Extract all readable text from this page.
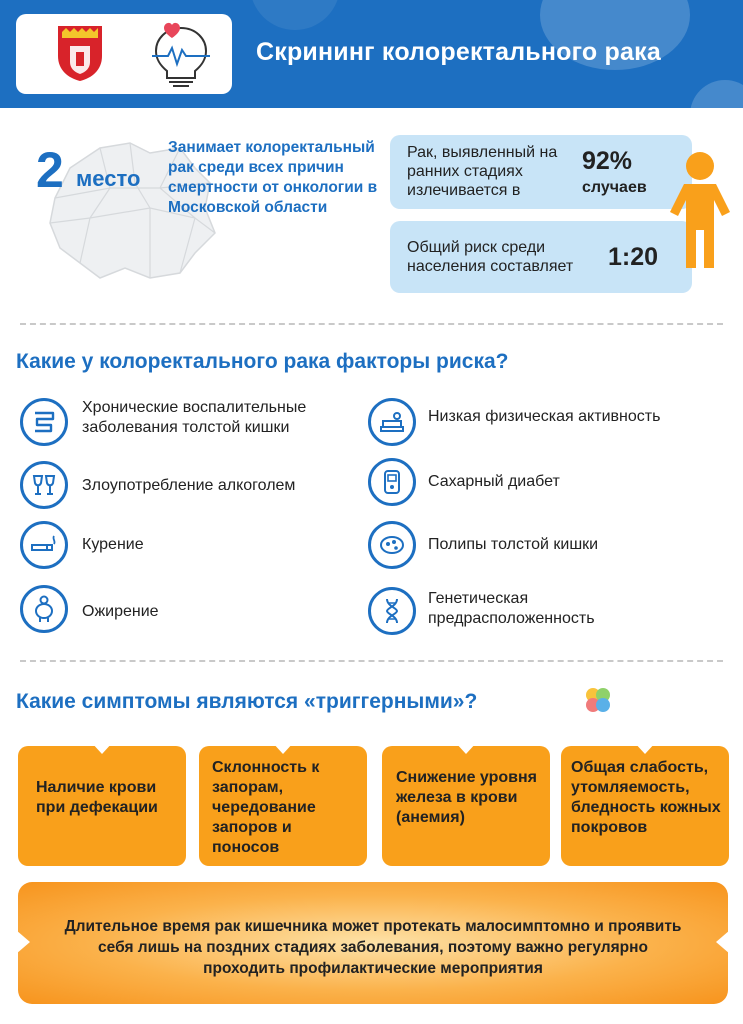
Скрининг колоректального рака
2 место
Занимает колоректальный рак среди всех причин смертности от онкологии в Московской области
Рак, выявленный на ранних стадиях излечивается в
92%
случаев
Общий риск среди населения составляет	1:20
Какие у колоректального рака факторы риска?
Хронические воспалительные заболевания толстой кишки
Злоупотребление алкоголем
Курение
Ожирение
Низкая физическая активность
Сахарный диабет
Полипы толстой кишки
Генетическая предрасположенность
Какие симптомы являются «триггерными»?
Наличие крови при дефекации
Склонность к запорам, чередование запоров и поносов
Снижение уровня железа в крови (анемия)
Общая слабость, утомляемость, бледность кожных покровов
Длительное время рак кишечника может протекать малосимптомно и проявить себя лишь на поздних стадиях заболевания, поэтому важно регулярно проходить профилактические мероприятия
